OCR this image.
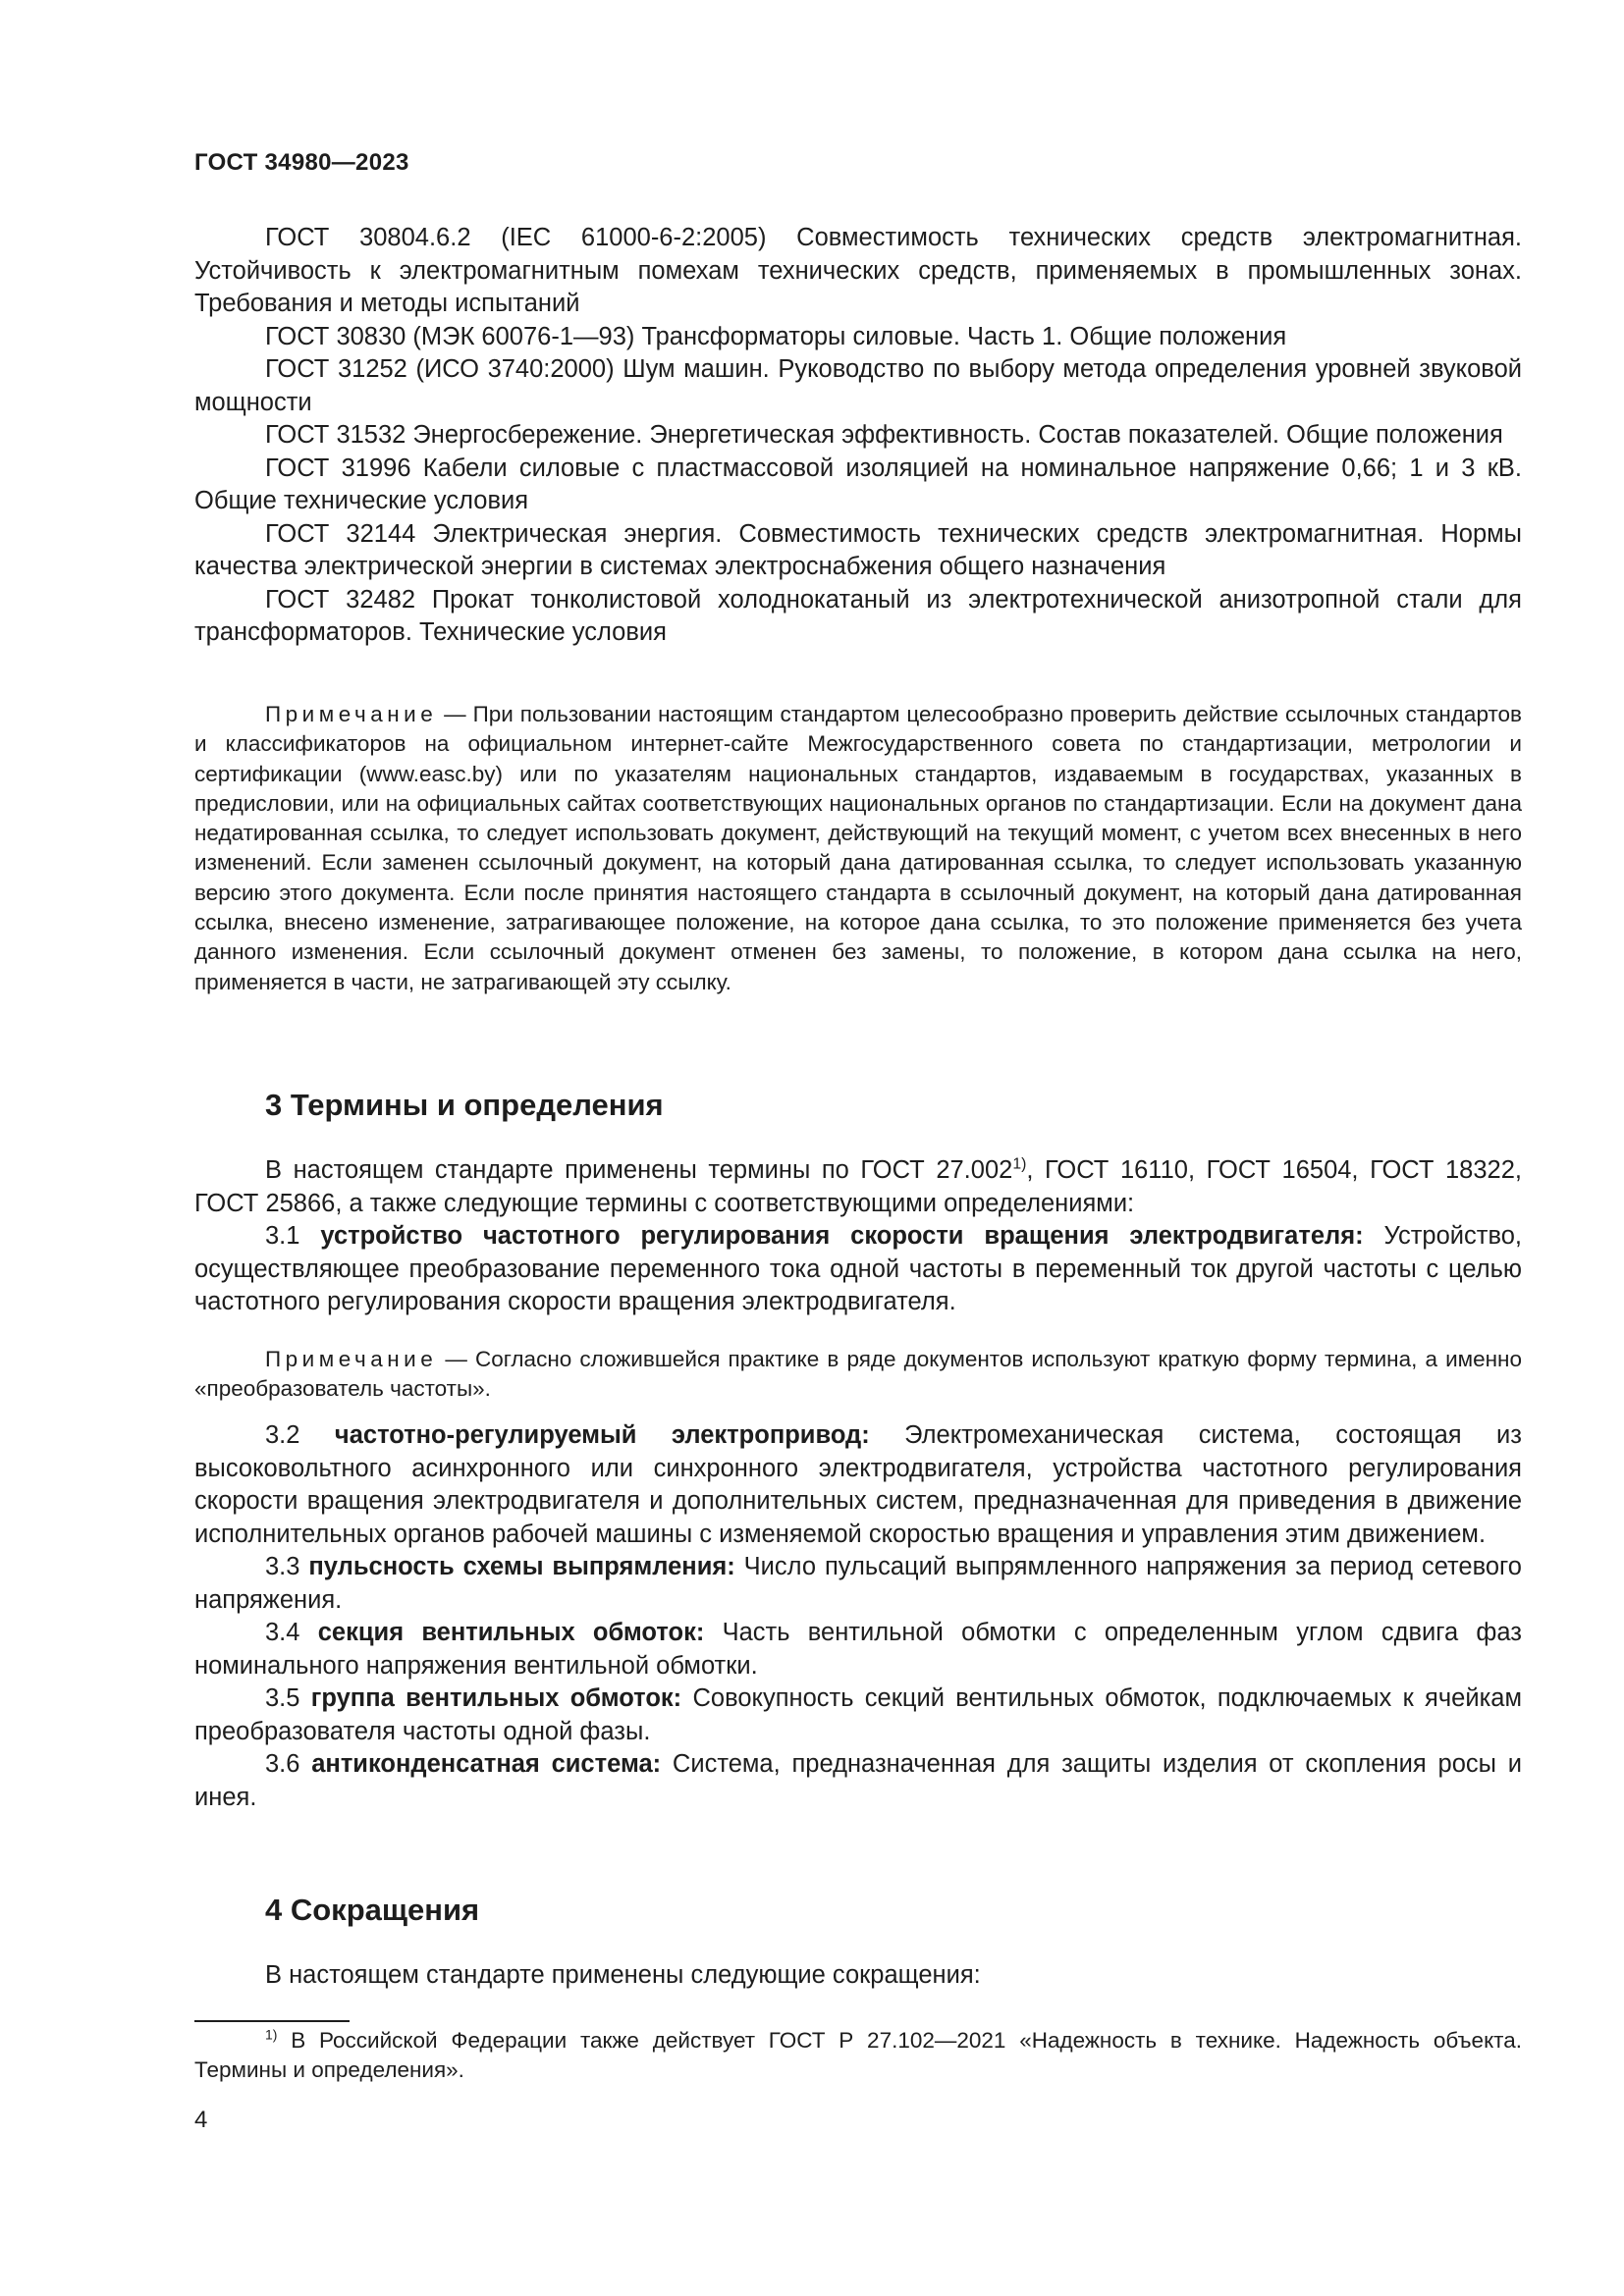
ГОСТ 34980—2023

ГОСТ 30804.6.2 (IEC 61000-6-2:2005) Совместимость технических средств электромагнитная. Устойчивость к электромагнитным помехам технических средств, применяемых в промышленных зонах. Требования и методы испытаний

ГОСТ 30830 (МЭК 60076-1—93) Трансформаторы силовые. Часть 1. Общие положения

ГОСТ 31252 (ИСО 3740:2000) Шум машин. Руководство по выбору метода определения уровней звуковой мощности

ГОСТ 31532 Энергосбережение. Энергетическая эффективность. Состав показателей. Общие положения

ГОСТ 31996 Кабели силовые с пластмассовой изоляцией на номинальное напряжение 0,66; 1 и 3 кВ. Общие технические условия

ГОСТ 32144 Электрическая энергия. Совместимость технических средств электромагнитная. Нормы качества электрической энергии в системах электроснабжения общего назначения

ГОСТ 32482 Прокат тонколистовой холоднокатаный из электротехнической анизотропной стали для трансформаторов. Технические условия

Примечание — При пользовании настоящим стандартом целесообразно проверить действие ссылочных стандартов и классификаторов на официальном интернет-сайте Межгосударственного совета по стандартизации, метрологии и сертификации (www.easc.by) или по указателям национальных стандартов, издаваемым в государствах, указанных в предисловии, или на официальных сайтах соответствующих национальных органов по стандартизации. Если на документ дана недатированная ссылка, то следует использовать документ, действующий на текущий момент, с учетом всех внесенных в него изменений. Если заменен ссылочный документ, на который дана датированная ссылка, то следует использовать указанную версию этого документа. Если после принятия настоящего стандарта в ссылочный документ, на который дана датированная ссылка, внесено изменение, затрагивающее положение, на которое дана ссылка, то это положение применяется без учета данного изменения. Если ссылочный документ отменен без замены, то положение, в котором дана ссылка на него, применяется в части, не затрагивающей эту ссылку.

3 Термины и определения

В настоящем стандарте применены термины по ГОСТ 27.002$^{1)}$, ГОСТ 16110, ГОСТ 16504, ГОСТ 18322, ГОСТ 25866, а также следующие термины с соответствующими определениями:

3.1 устройство частотного регулирования скорости вращения электродвигателя: Устройство, осуществляющее преобразование переменного тока одной частоты в переменный ток другой частоты с целью частотного регулирования скорости вращения электродвигателя.

Примечание — Согласно сложившейся практике в ряде документов используют краткую форму термина, а именно «преобразователь частоты».

3.2 частотно-регулируемый электропривод: Электромеханическая система, состоящая из высоковольтного асинхронного или синхронного электродвигателя, устройства частотного регулирования скорости вращения электродвигателя и дополнительных систем, предназначенная для приведения в движение исполнительных органов рабочей машины с изменяемой скоростью вращения и управления этим движением.

3.3 пульсность схемы выпрямления: Число пульсаций выпрямленного напряжения за период сетевого напряжения.

3.4 секция вентильных обмоток: Часть вентильной обмотки с определенным углом сдвига фаз номинального напряжения вентильной обмотки.

3.5 группа вентильных обмоток: Совокупность секций вентильных обмоток, подключаемых к ячейкам преобразователя частоты одной фазы.

3.6 антиконденсатная система: Система, предназначенная для защиты изделия от скопления росы и инея.

4 Сокращения
В настоящем стандарте применены следующие сокращения:

$^{1)}$ В Российской Федерации также действует ГОСТ Р 27.102—2021 «Надежность в технике. Надежность объекта. Термины и определения».

4
